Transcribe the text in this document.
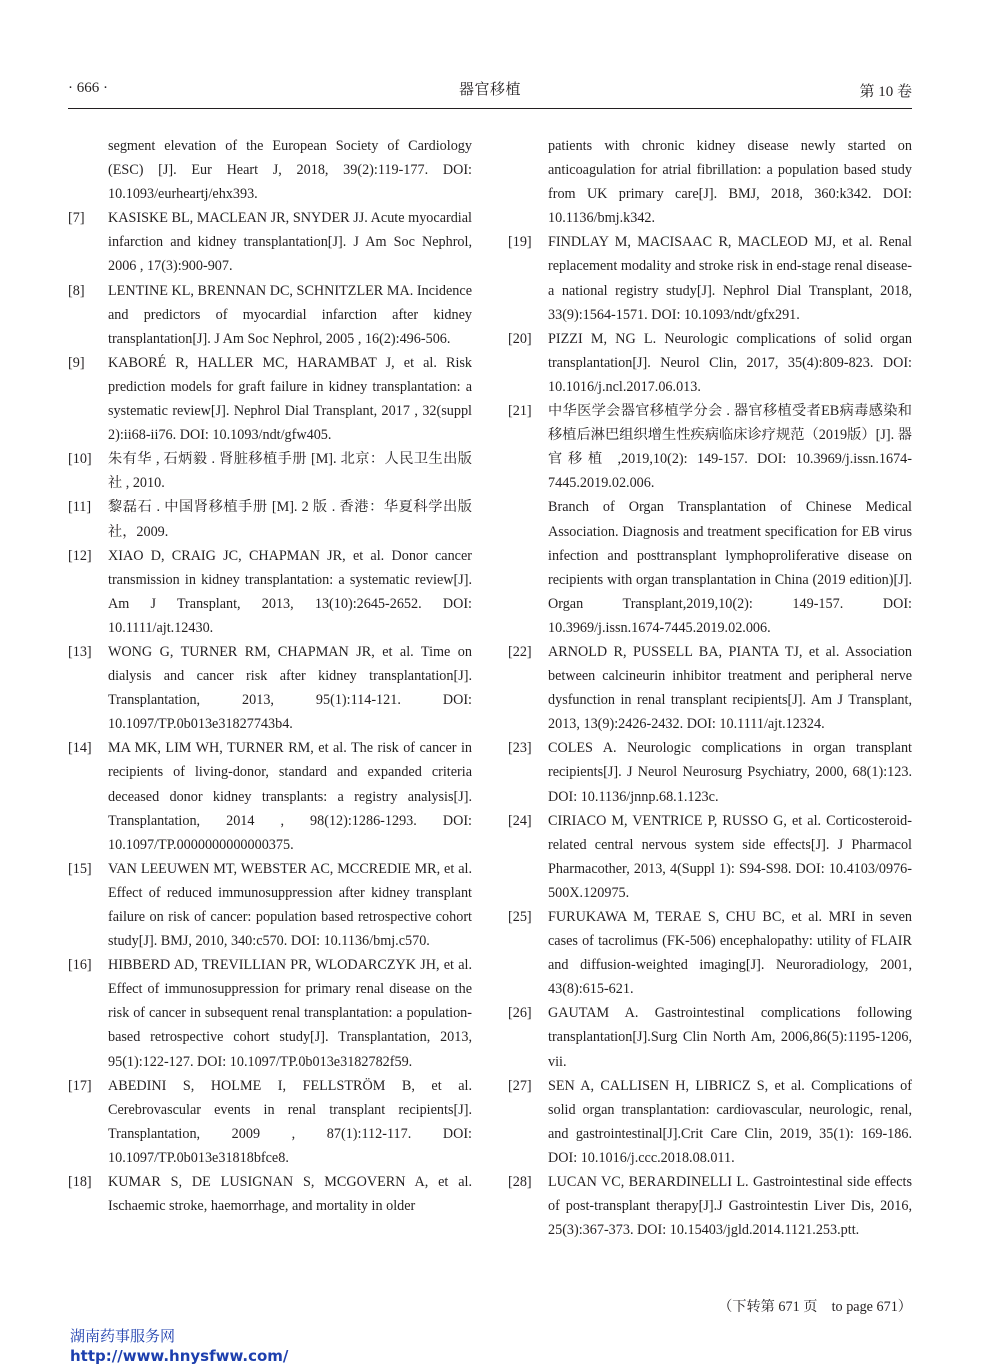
· 666 ·	器官移植	第 10 卷
segment elevation of the European Society of Cardiology (ESC) [J]. Eur Heart J, 2018, 39(2):119-177. DOI: 10.1093/eurheartj/ehx393.
[7] KASISKE BL, MACLEAN JR, SNYDER JJ. Acute myocardial infarction and kidney transplantation[J]. J Am Soc Nephrol, 2006 , 17(3):900-907.
[8] LENTINE KL, BRENNAN DC, SCHNITZLER MA. Incidence and predictors of myocardial infarction after kidney transplantation[J]. J Am Soc Nephrol, 2005 , 16(2):496-506.
[9] KABORÉ R, HALLER MC, HARAMBAT J, et al. Risk prediction models for graft failure in kidney transplantation: a systematic review[J]. Nephrol Dial Transplant, 2017 , 32(suppl 2):ii68-ii76. DOI: 10.1093/ndt/gfw405.
[10] 朱有华 , 石炳毅 . 肾脏移植手册 [M]. 北京：人民卫生出版社 , 2010.
[11] 黎磊石 . 中国肾移植手册 [M]. 2 版 . 香港：华夏科学出版社，2009.
[12] XIAO D, CRAIG JC, CHAPMAN JR, et al. Donor cancer transmission in kidney transplantation: a systematic review[J]. Am J Transplant, 2013, 13(10):2645-2652. DOI: 10.1111/ajt.12430.
[13] WONG G, TURNER RM, CHAPMAN JR, et al. Time on dialysis and cancer risk after kidney transplantation[J]. Transplantation, 2013, 95(1):114-121. DOI: 10.1097/TP.0b013e31827743b4.
[14] MA MK, LIM WH, TURNER RM, et al. The risk of cancer in recipients of living-donor, standard and expanded criteria deceased donor kidney transplants: a registry analysis[J]. Transplantation, 2014 , 98(12):1286-1293. DOI: 10.1097/TP.0000000000000375.
[15] VAN LEEUWEN MT, WEBSTER AC, MCCREDIE MR, et al. Effect of reduced immunosuppression after kidney transplant failure on risk of cancer: population based retrospective cohort study[J]. BMJ, 2010, 340:c570. DOI: 10.1136/bmj.c570.
[16] HIBBERD AD, TREVILLIAN PR, WLODARCZYK JH, et al. Effect of immunosuppression for primary renal disease on the risk of cancer in subsequent renal transplantation: a population-based retrospective cohort study[J]. Transplantation, 2013, 95(1):122-127. DOI: 10.1097/TP.0b013e3182782f59.
[17] ABEDINI S, HOLME I, FELLSTRÖM B, et al. Cerebrovascular events in renal transplant recipients[J]. Transplantation, 2009 , 87(1):112-117. DOI: 10.1097/TP.0b013e31818bfce8.
[18] KUMAR S, DE LUSIGNAN S, MCGOVERN A, et al. Ischaemic stroke, haemorrhage, and mortality in older
patients with chronic kidney disease newly started on anticoagulation for atrial fibrillation: a population based study from UK primary care[J]. BMJ, 2018, 360:k342. DOI: 10.1136/bmj.k342.
[19] FINDLAY M, MACISAAC R, MACLEOD MJ, et al. Renal replacement modality and stroke risk in end-stage renal disease-a national registry study[J]. Nephrol Dial Transplant, 2018, 33(9):1564-1571. DOI: 10.1093/ndt/gfx291.
[20] PIZZI M, NG L. Neurologic complications of solid organ transplantation[J]. Neurol Clin, 2017, 35(4):809-823. DOI: 10.1016/j.ncl.2017.06.013.
[21] 中华医学会器官移植学分会 . 器官移植受者EB病毒感染和移植后淋巴组织增生性疾病临床诊疗规范（2019版）[J]. 器官移植 ,2019,10(2): 149-157. DOI: 10.3969/j.issn.1674-7445.2019.02.006.
Branch of Organ Transplantation of Chinese Medical Association. Diagnosis and treatment specification for EB virus infection and posttransplant lymphoproliferative disease on recipients with organ transplantation in China (2019 edition)[J]. Organ Transplant,2019,10(2): 149-157. DOI: 10.3969/j.issn.1674-7445.2019.02.006.
[22] ARNOLD R, PUSSELL BA, PIANTA TJ, et al. Association between calcineurin inhibitor treatment and peripheral nerve dysfunction in renal transplant recipients[J]. Am J Transplant, 2013, 13(9):2426-2432. DOI: 10.1111/ajt.12324.
[23] COLES A. Neurologic complications in organ transplant recipients[J]. J Neurol Neurosurg Psychiatry, 2000, 68(1):123. DOI: 10.1136/jnnp.68.1.123c.
[24] CIRIACO M, VENTRICE P, RUSSO G, et al. Corticosteroid-related central nervous system side effects[J]. J Pharmacol Pharmacother, 2013, 4(Suppl 1): S94-S98. DOI: 10.4103/0976-500X.120975.
[25] FURUKAWA M, TERAE S, CHU BC, et al. MRI in seven cases of tacrolimus (FK-506) encephalopathy: utility of FLAIR and diffusion-weighted imaging[J]. Neuroradiology, 2001, 43(8):615-621.
[26] GAUTAM A. Gastrointestinal complications following transplantation[J].Surg Clin North Am, 2006,86(5):1195-1206, vii.
[27] SEN A, CALLISEN H, LIBRICZ S, et al. Complications of solid organ transplantation: cardiovascular, neurologic, renal, and gastrointestinal[J].Crit Care Clin, 2019, 35(1): 169-186. DOI: 10.1016/j.ccc.2018.08.011.
[28] LUCAN VC, BERARDINELLI L. Gastrointestinal side effects of post-transplant therapy[J].J Gastrointestin Liver Dis, 2016, 25(3):367-373. DOI: 10.15403/jgld.2014.1121.253.ptt.
（下转第 671 页　to page 671）
湖南药事服务网
http://www.hnysfww.com/
